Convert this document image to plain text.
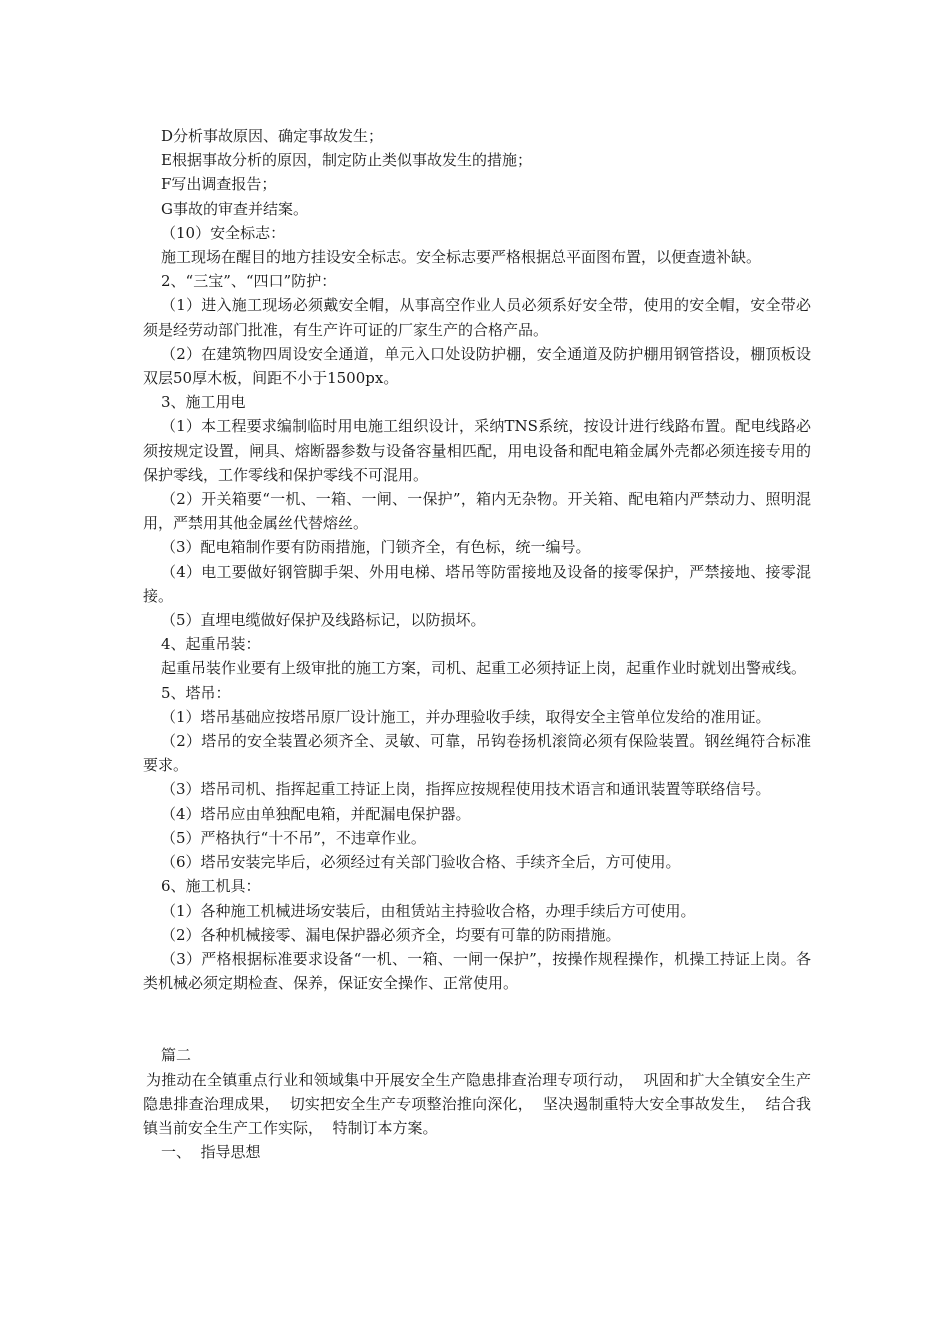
D分析事故原因、确定事故发生；

E根据事故分析的原因，制定防止类似事故发生的措施；

F写出调查报告；

G事故的审查并结案。

（10）安全标志：

施工现场在醒目的地方挂设安全标志。安全标志要严格根据总平面图布置，以便查遗补缺。

2、“三宝”、“四口”防护：

（1）进入施工现场必须戴安全帽，从事高空作业人员必须系好安全带，使用的安全帽，安全带必须是经劳动部门批准，有生产许可证的厂家生产的合格产品。

（2）在建筑物四周设安全通道，单元入口处设防护棚，安全通道及防护棚用钢管搭设，棚顶板设双层50厚木板，间距不小于1500px。

3、施工用电

（1）本工程要求编制临时用电施工组织设计，采纳TNS系统，按设计进行线路布置。配电线路必须按规定设置，闸具、熔断器参数与设备容量相匹配，用电设备和配电箱金属外壳都必须连接专用的保护零线，工作零线和保护零线不可混用。

（2）开关箱要“一机、一箱、一闸、一保护”，箱内无杂物。开关箱、配电箱内严禁动力、照明混用，严禁用其他金属丝代替熔丝。

（3）配电箱制作要有防雨措施，门锁齐全，有色标，统一编号。

（4）电工要做好钢管脚手架、外用电梯、塔吊等防雷接地及设备的接零保护，严禁接地、接零混接。

（5）直埋电缆做好保护及线路标记，以防损坏。

4、起重吊装：

起重吊装作业要有上级审批的施工方案，司机、起重工必须持证上岗，起重作业时就划出警戒线。

5、塔吊：

（1）塔吊基础应按塔吊原厂设计施工，并办理验收手续，取得安全主管单位发给的准用证。

（2）塔吊的安全装置必须齐全、灵敏、可靠，吊钩卷扬机滚筒必须有保险装置。钢丝绳符合标准要求。

（3）塔吊司机、指挥起重工持证上岗，指挥应按规程使用技术语言和通讯装置等联络信号。

（4）塔吊应由单独配电箱，并配漏电保护器。

（5）严格执行“十不吊”，不违章作业。

（6）塔吊安装完毕后，必须经过有关部门验收合格、手续齐全后，方可使用。

6、施工机具：

（1）各种施工机械进场安装后，由租赁站主持验收合格，办理手续后方可使用。

（2）各种机械接零、漏电保护器必须齐全，均要有可靠的防雨措施。

（3）严格根据标准要求设备“一机、一箱、一闸一保护”，按操作规程操作，机操工持证上岗。各类机械必须定期检查、保养，保证安全操作、正常使用。

篇二

为推动在全镇重点行业和领域集中开展安全生产隐患排查治理专项行动，  巩固和扩大全镇安全生产隐患排查治理成果，  切实把安全生产专项整治推向深化，  坚决遏制重特大安全事故发生，  结合我镇当前安全生产工作实际，  特制订本方案。

一、  指导思想
